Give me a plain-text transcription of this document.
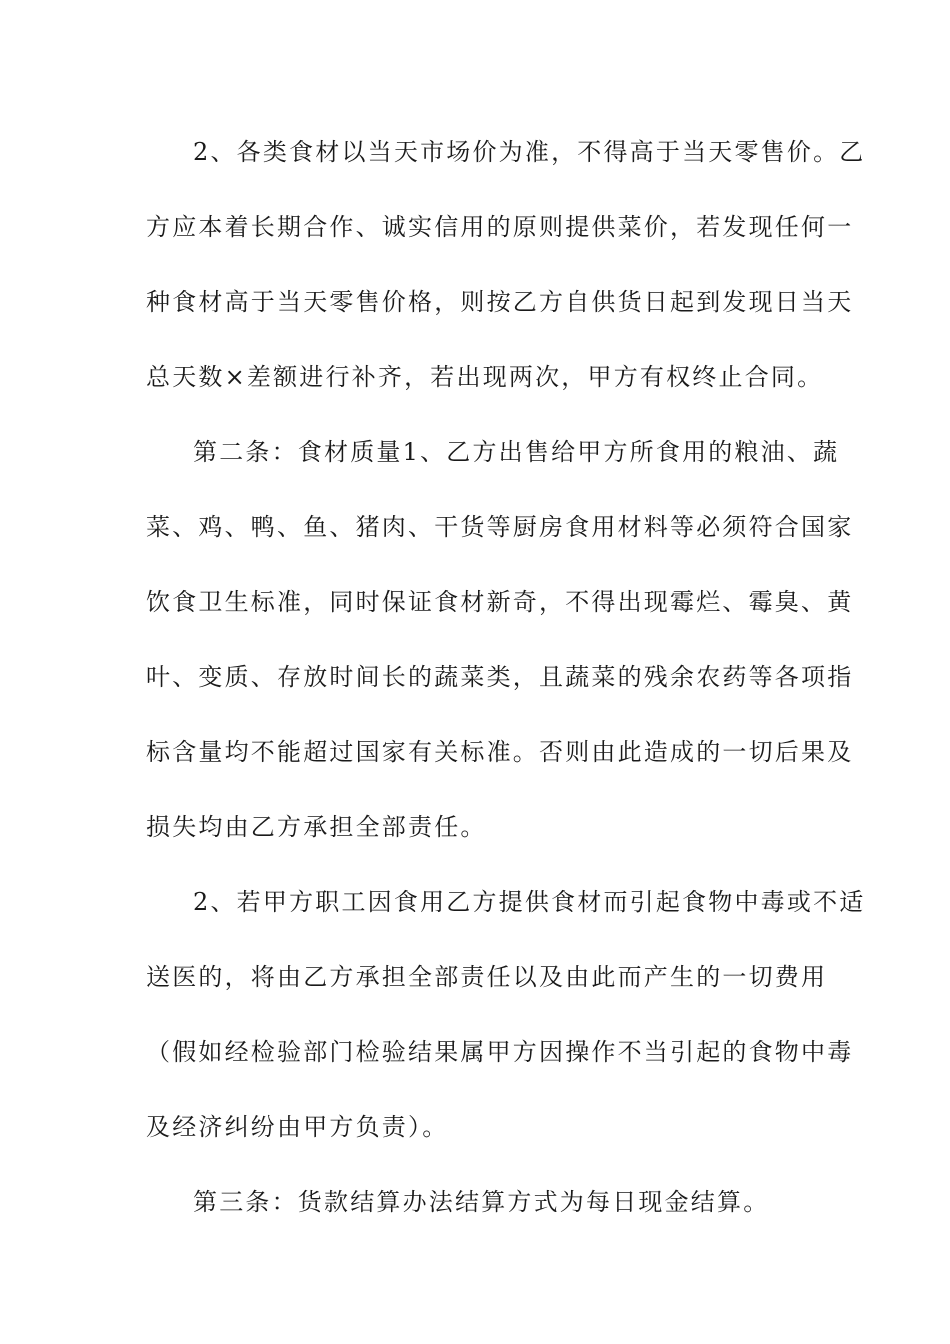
2、各类食材以当天市场价为准，不得高于当天零售价。乙
方应本着长期合作、诚实信用的原则提供菜价，若发现任何一
种食材高于当天零售价格，则按乙方自供货日起到发现日当天
总天数×差额进行补齐，若出现两次，甲方有权终止合同。
第二条：食材质量1、乙方出售给甲方所食用的粮油、蔬
菜、鸡、鸭、鱼、猪肉、干货等厨房食用材料等必须符合国家
饮食卫生标准，同时保证食材新奇，不得出现霉烂、霉臭、黄
叶、变质、存放时间长的蔬菜类，且蔬菜的残余农药等各项指
标含量均不能超过国家有关标准。否则由此造成的一切后果及
损失均由乙方承担全部责任。
2、若甲方职工因食用乙方提供食材而引起食物中毒或不适
送医的，将由乙方承担全部责任以及由此而产生的一切费用
（假如经检验部门检验结果属甲方因操作不当引起的食物中毒
及经济纠纷由甲方负责）。
第三条：货款结算办法结算方式为每日现金结算。
